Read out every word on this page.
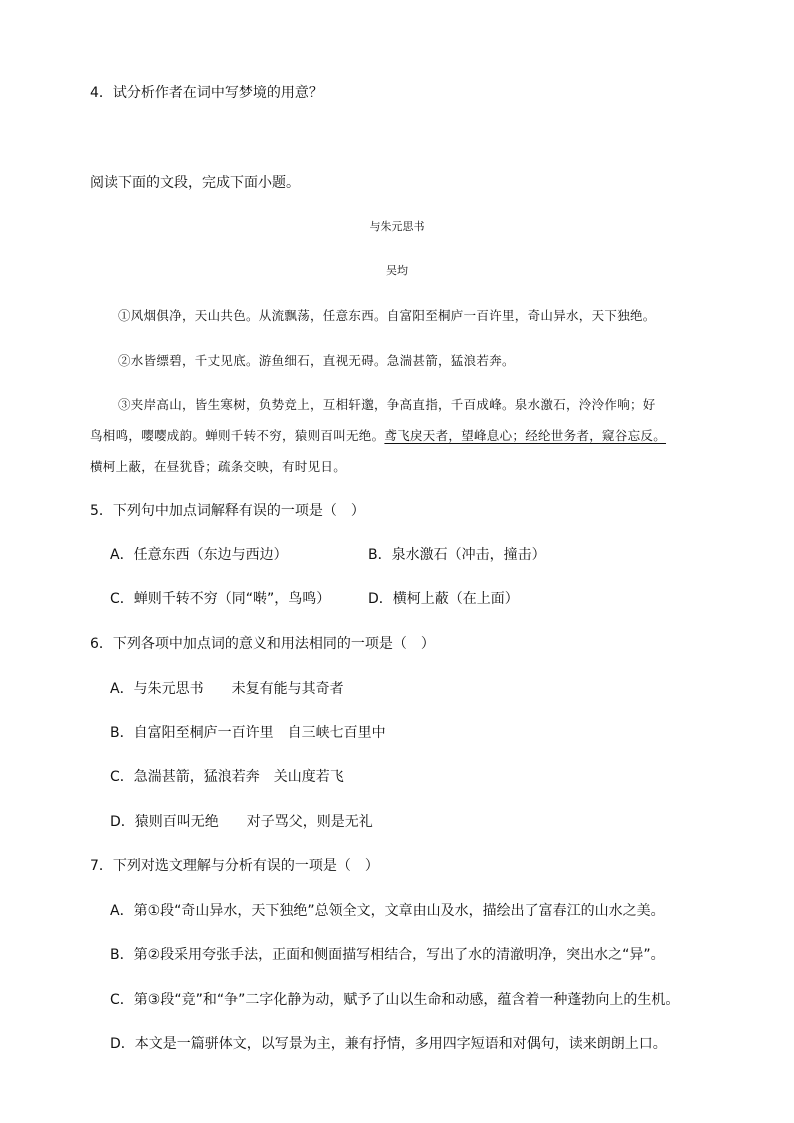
4．试分析作者在词中写梦境的用意？
阅读下面的文段，完成下面小题。
与朱元思书
吴均
①风烟俱净，天山共色。从流飘荡，任意东西。自富阳至桐庐一百许里，奇山异水，天下独绝。
②水皆缥碧，千丈见底。游鱼细石，直视无碍。急湍甚箭，猛浪若奔。
③夹岸高山，皆生寒树，负势竞上，互相轩邈，争高直指，千百成峰。泉水激石，泠泠作响；好
鸟相鸣，嘤嘤成韵。蝉则千转不穷，猿则百叫无绝。鸢飞戾天者，望峰息心；经纶世务者，窥谷忘反。
横柯上蔽，在昼犹昏；疏条交映，有时见日。
5．下列句中加点词解释有误的一项是（　）
A．任意东西（东边与西边）	B．泉水激石（冲击，撞击）
C．蝉则千转不穷（同“啭”，鸟鸣）	D．横柯上蔽（在上面）
6．下列各项中加点词的意义和用法相同的一项是（　）
A．与朱元思书　　未复有能与其奇者
B．自富阳至桐庐一百许里　自三峡七百里中
C．急湍甚箭，猛浪若奔　关山度若飞
D．猿则百叫无绝　　对子骂父，则是无礼
7．下列对选文理解与分析有误的一项是（　）
A．第①段“奇山异水，天下独绝”总领全文，文章由山及水，描绘出了富春江的山水之美。
B．第②段采用夸张手法，正面和侧面描写相结合，写出了水的清澈明净，突出水之“异”。
C．第③段“竞”和“争”二字化静为动，赋予了山以生命和动感，蕴含着一种蓬勃向上的生机。
D．本文是一篇骈体文，以写景为主，兼有抒情，多用四字短语和对偶句，读来朗朗上口。
